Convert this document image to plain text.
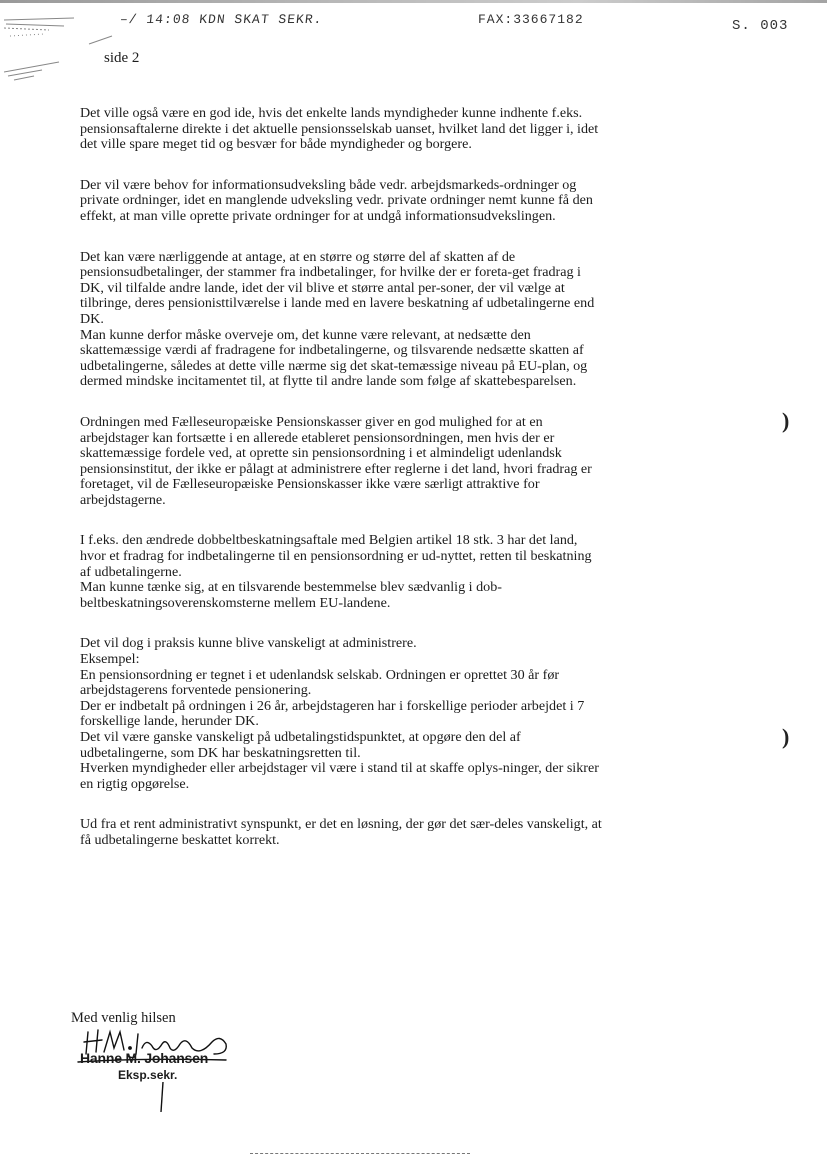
–/ 14:08 KDN SKAT SEKR.	FAX:33667182	S. 003
side 2

Det ville også være en god ide, hvis det enkelte lands myndigheder kunne indhente f.eks. pensionsaftalerne direkte i det aktuelle pensionsselskab uanset, hvilket land det ligger i, idet det ville spare meget tid og besvær for både myndigheder og borgere.

Der vil være behov for informationsudveksling både vedr. arbejdsmarkeds-ordninger og private ordninger, idet en manglende udveksling vedr. private ordninger nemt kunne få den effekt, at man ville oprette private ordninger for at undgå informationsudvekslingen.

Det kan være nærliggende at antage, at en større og større del af skatten af de pensionsudbetalinger, der stammer fra indbetalinger, for hvilke der er foreta-get fradrag i DK, vil tilfalde andre lande, idet der vil blive et større antal per-soner, der vil vælge at tilbringe, deres pensionisttilværelse i lande med en lavere beskatning af udbetalingerne end DK.

Man kunne derfor måske overveje om, det kunne være relevant, at nedsætte den skattemæssige værdi af fradragene for indbetalingerne, og tilsvarende nedsætte skatten af udbetalingerne, således at dette ville nærme sig det skat-temæssige niveau på EU-plan, og dermed mindske incitamentet til, at flytte til andre lande som følge af skattebesparelsen.

Ordningen med Fælleseuropæiske Pensionskasser giver en god mulighed for at en arbejdstager kan fortsætte i en allerede etableret pensionsordningen, men hvis der er skattemæssige fordele ved, at oprette sin pensionsordning i et almindeligt udenlandsk pensionsinstitut, der ikke er pålagt at administrere efter reglerne i det land, hvori fradrag er foretaget, vil de Fælleseuropæiske Pensionskasser ikke være særligt attraktive for arbejdstagerne.

I f.eks. den ændrede dobbeltbeskatningsaftale med Belgien artikel 18 stk. 3 har det land, hvor et fradrag for indbetalingerne til en pensionsordning er ud-nyttet, retten til beskatning af udbetalingerne.

Man kunne tænke sig, at en tilsvarende bestemmelse blev sædvanlig i dob-beltbeskatningsoverenskomsterne mellem EU-landene.

Det vil dog i praksis kunne blive vanskeligt at administrere.

Eksempel:

En pensionsordning er tegnet i et udenlandsk selskab. Ordningen er oprettet 30 år før arbejdstagerens forventede pensionering.

Der er indbetalt på ordningen i 26 år, arbejdstageren har i forskellige perioder arbejdet i 7 forskellige lande, herunder DK.

Det vil være ganske vanskeligt på udbetalingstidspunktet, at opgøre den del af udbetalingerne, som DK har beskatningsretten til.

Hverken myndigheder eller arbejdstager vil være i stand til at skaffe oplys-ninger, der sikrer en rigtig opgørelse.

Ud fra et rent administrativt synspunkt, er det en løsning, der gør det sær-deles vanskeligt, at få udbetalingerne beskattet korrekt.

Med venlig hilsen
Hanne M. Johansen
Eksp.sekr.
)
)
